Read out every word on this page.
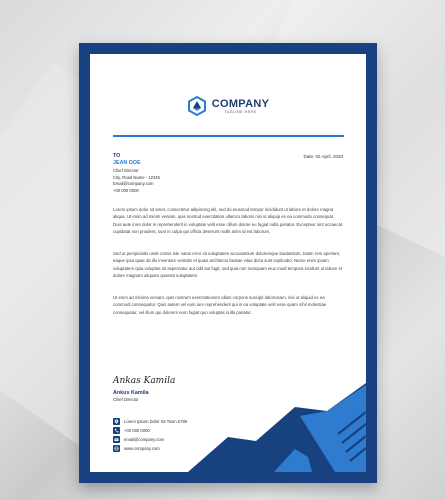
COMPANY
TAGLINE HERE
Date: 02 April, 2020
TO
JEAN DOE
Chief Director
City, Road Name - 12345
Email@company.com
+00 000 0000
Lorem ipsum dolor sit amet, consectetur adipiscing elit, sed do eiusmod tempor incididunt ut labore et dolore magna aliqua. Ut enim ad minim veniam, quis nostrud exercitation ullamco laboris nisi ut aliquip ex ea commodo consequat. Duis aute irure dolor in reprehenderit in voluptate velit esse cillum dolore eu fugiat nulla pariatur. Excepteur sint occaecat cupidatat non proident, sunt in culpa qui officia deserunt mollit anim id est laborum.
Sed ut perspiciatis unde omnis iste natus error sit voluptatem accusantium doloremque laudantium, totam rem aperiam, eaque ipsa quae ab illo inventore veritatis et quasi architecto beatae vitae dicta sunt explicabo. Nemo enim ipsam voluptatem quia voluptas sit aspernatur aut odit aut fugit, sed quia non numquam eius modi tempora incidunt ut labore et dolore magnam aliquam quaerat voluptatem.
Ut enim ad minima veniam, quis nostrum exercitationem ullam corporis suscipit laboriosam, nisi ut aliquid ex ea commodi consequatur. Quis autem vel eum iure reprehenderit qui in ea voluptate velit esse quam nihil molestiae consequatur, vel illum qui dolorem eum fugiat quo voluptas nulla pariatur.
Ankas Kamila
Ankus Kamila
Chief Director
Lorem Ipsum Dolor Sit Town 6789
+00 000 0000
email@company.com
www.company.com
